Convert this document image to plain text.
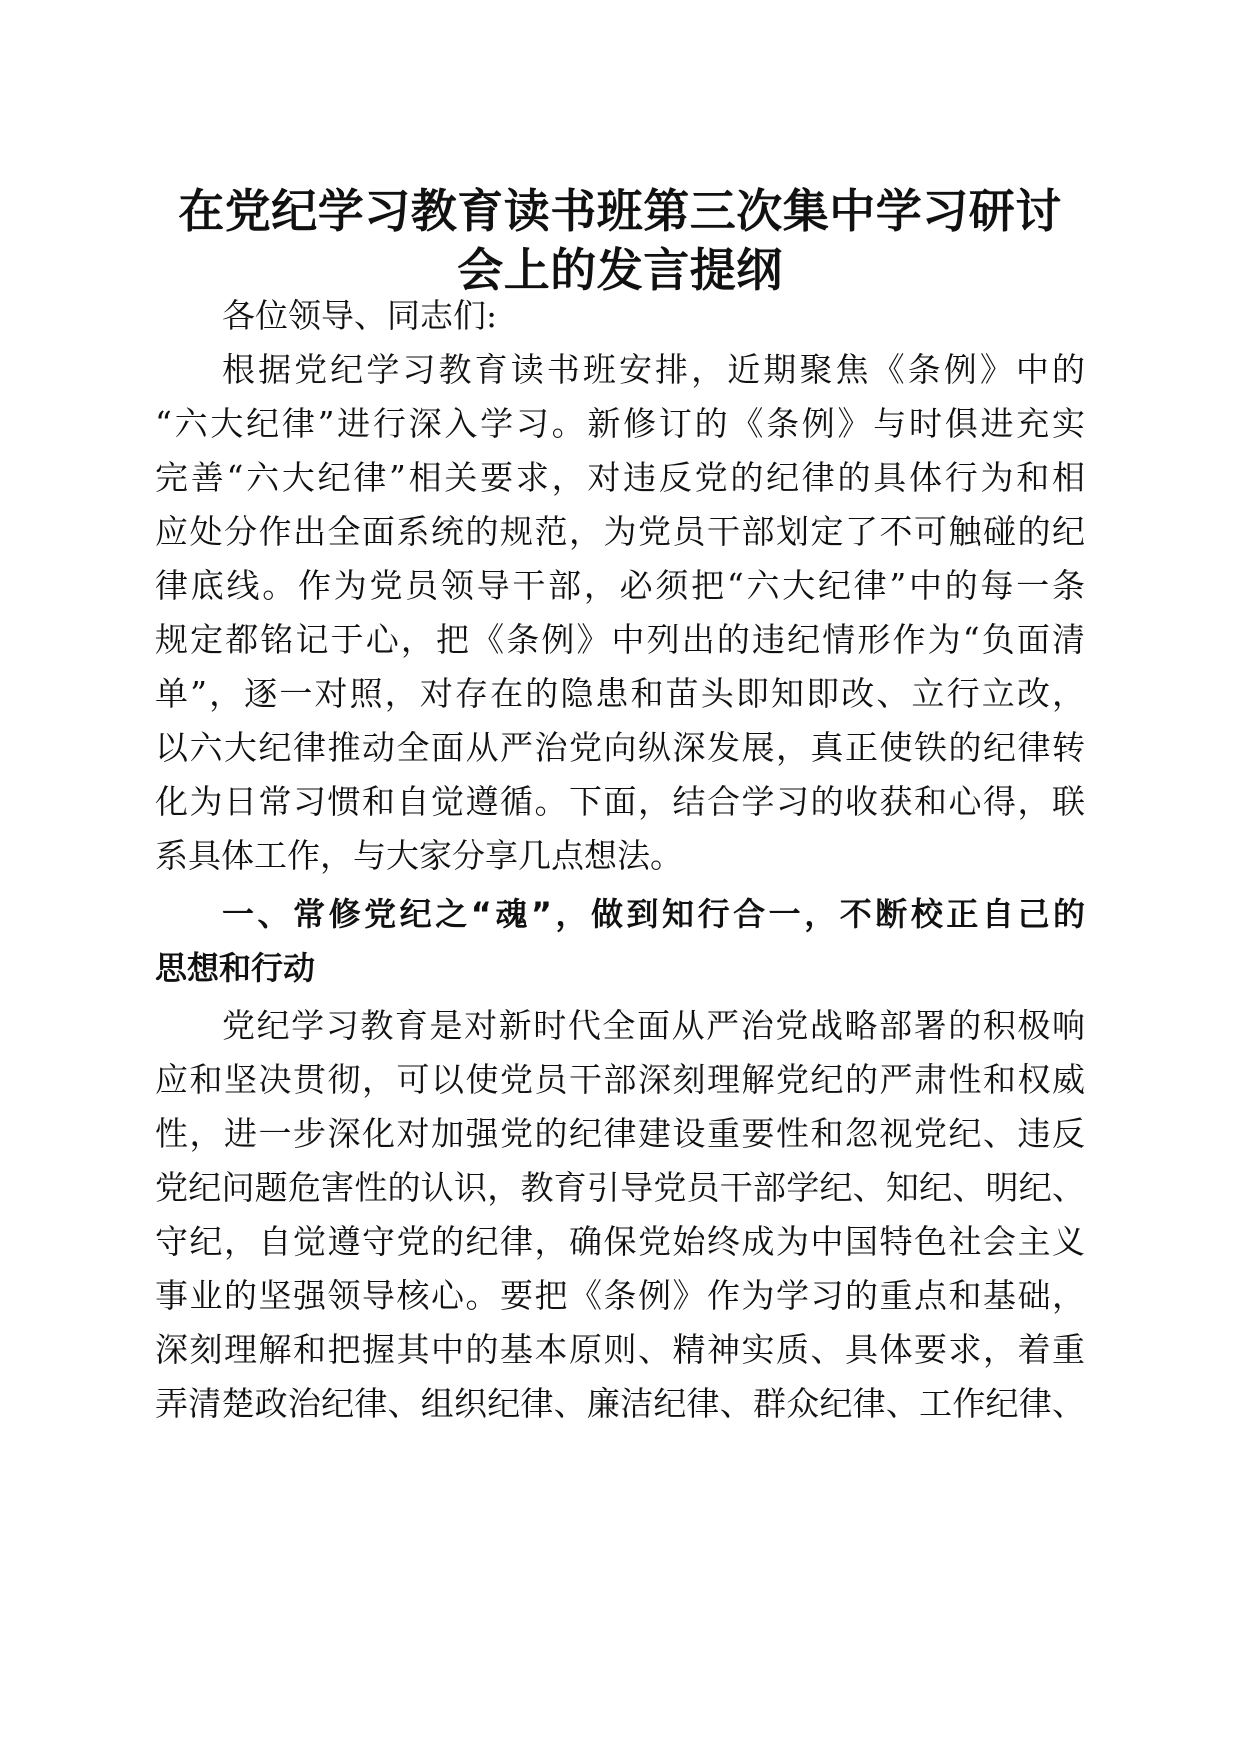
在党纪学习教育读书班第三次集中学习研讨
会上的发言提纲

各位领导、同志们:

根据党纪学习教育读书班安排，近期聚焦《条例》中的

“六大纪律”进行深入学习。新修订的《条例》与时俱进充实

完善“六大纪律”相关要求，对违反党的纪律的具体行为和相

应处分作出全面系统的规范，为党员干部划定了不可触碰的纪

律底线。作为党员领导干部，必须把“六大纪律”中的每一条

规定都铭记于心，把《条例》中列出的违纪情形作为“负面清

单”，逐一对照，对存在的隐患和苗头即知即改、立行立改，

以六大纪律推动全面从严治党向纵深发展，真正使铁的纪律转

化为日常习惯和自觉遵循。下面，结合学习的收获和心得，联

系具体工作，与大家分享几点想法。

一、常修党纪之“魂”，做到知行合一，不断校正自己的

思想和行动

党纪学习教育是对新时代全面从严治党战略部署的积极响

应和坚决贯彻，可以使党员干部深刻理解党纪的严肃性和权威

性，进一步深化对加强党的纪律建设重要性和忽视党纪、违反

党纪问题危害性的认识，教育引导党员干部学纪、知纪、明纪、

守纪，自觉遵守党的纪律，确保党始终成为中国特色社会主义

事业的坚强领导核心。要把《条例》作为学习的重点和基础，

深刻理解和把握其中的基本原则、精神实质、具体要求，着重

弄清楚政治纪律、组织纪律、廉洁纪律、群众纪律、工作纪律、
